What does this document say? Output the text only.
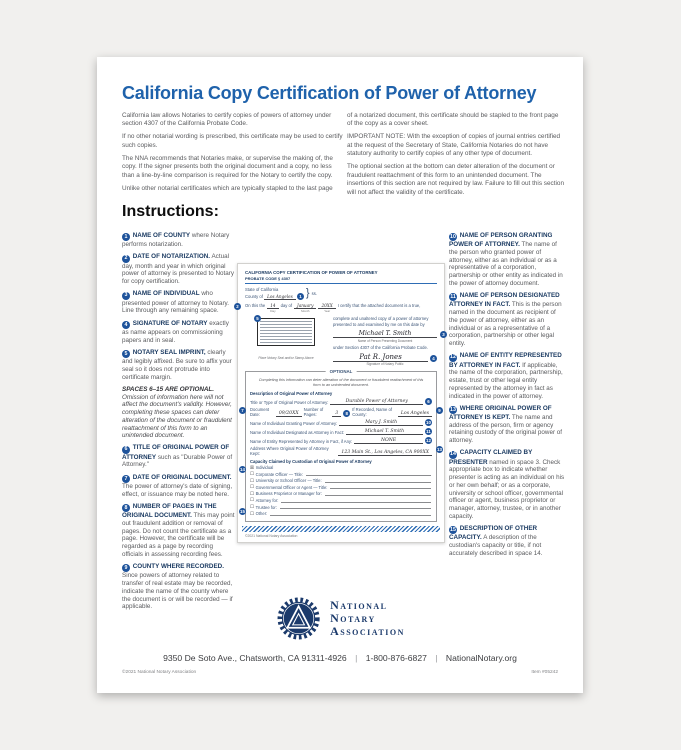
California Copy Certification of Power of Attorney

California law allows Notaries to certify copies of powers of attorney under section 4307 of the California Probate Code.

If no other notarial wording is prescribed, this certificate may be used to certify such copies.

The NNA recommends that Notaries make, or supervise the making of, the copy. If the signer presents both the original document and a copy, no less than a line-by-line comparison is required for the Notary to certify the copy.

Unlike other notarial certificates which are typically stapled to the last page

of a notarized document, this certificate should be stapled to the front page of the copy as a cover sheet.

IMPORTANT NOTE: With the exception of copies of journal entries certified at the request of the Secretary of State, California Notaries do not have statutory authority to certify copies of any other type of document.

The optional section at the bottom can deter alteration of the document or fraudulent reattachment of this form to an unintended document. The insertions of this section are not required by law. Failure to fill out this section will not affect the validity of the certificate.

Instructions:
1 NAME OF COUNTY where Notary performs notarization.
2 DATE OF NOTARIZATION. Actual day, month and year in which original power of attorney is presented to Notary for copy certification.
3 NAME OF INDIVIDUAL who presented power of attorney to Notary. Line through any remaining space.
4 SIGNATURE OF NOTARY exactly as name appears on commissioning papers and in seal.
5 NOTARY SEAL IMPRINT, clearly and legibly affixed. Be sure to affix your seal so it does not protrude into certificate margin.
SPACES 6–15 ARE OPTIONAL. Omission of information here will not affect the document's validity. However, completing these spaces can deter alteration of the document or fraudulent reattachment of this form to an unintended document.
6 TITLE OF ORIGINAL POWER OF ATTORNEY such as "Durable Power of Attorney."
7 DATE OF ORIGINAL DOCUMENT. The power of attorney's date of signing, effect, or issuance may be noted here.
8 NUMBER OF PAGES IN THE ORIGINAL DOCUMENT. This may point out fraudulent addition or removal of pages. Do not count the certificate as a page. However, the certificate will be regarded as a page by recording officials in assessing recording fees.
9 COUNTY WHERE RECORDED. Since powers of attorney related to transfer of real estate may be recorded, indicate the name of the county where the document is or will be recorded — if applicable.
10 NAME OF PERSON GRANTING POWER OF ATTORNEY. The name of the person who granted power of attorney, either as an individual or as a representative of a corporation, partnership or other entity as indicated in the power of attorney document.
11 NAME OF PERSON DESIGNATED ATTORNEY IN FACT. This is the person named in the document as recipient of the power of attorney, either as an individual or as a representative of a corporation, partnership or other legal entity.
12 NAME OF ENTITY REPRESENTED BY ATTORNEY IN FACT. If applicable, the name of the corporation, partnership, estate, trust or other legal entity represented by the attorney in fact as indicated in the power of attorney.
13 WHERE ORIGINAL POWER OF ATTORNEY IS KEPT. The name and address of the person, firm or agency retaining custody of the original power of attorney.
14 CAPACITY CLAIMED BY PRESENTER named in space 3. Check appropriate box to indicate whether presenter is acting as an individual on his or her own behalf; or as a corporate, university or school officer, governmental officer or agent, business proprietor or manager, attorney, trustee, or in another capacity.
15 DESCRIPTION OF OTHER CAPACITY. A description of the custodian's capacity or title, if not accurately described in space 14.
CALIFORNIA COPY CERTIFICATION OF POWER OF ATTORNEY
PROBATE CODE § 4307
State of California
County of Los Angeles 1 } ss.
2	On this the	14
Day
day of	January
Month
20XX
Year
I certify that the attached document is a true,
5
Place Notary Seal and/or Stamp Above
complete and unaltered copy of a power of attorney presented to and examined by me on this date by
Michael T. Smith	3
Name of Person Presenting Document
under Section 4307 of the California Probate Code.
Pat R. Jones	4
Signature of Notary Public
OPTIONAL
Completing this information can deter alteration of the document or fraudulent reattachment of this form to an unintended document.
Description of Original Power of Attorney
Title or Type of Original Power of Attorney:	Durable Power of Attorney	6
7	Document Date:	09/20XX
Number of Pages:	3	8
If Recorded, Name of County:	Los Angeles
9
Name of Individual Granting Power of Attorney:	Mary J. Smith	10
Name of Individual Designated as Attorney in Fact:	Michael T. Smith	11
Name of Entity Represented by Attorney in Fact, if Any:	NONE	12
Address Where Original Power of Attorney Kept:	123 Main St., Los Angeles, CA 900XX
13
Capacity Claimed by Custodian of Original Power of Attorney
14
15
☒ Individual
☐ Corporate Officer — Title:
☐ University or School Officer — Title:
☐ Governmental Officer or Agent — Title:
☐ Business Proprietor or Manager for:
☐ Attorney for:
☐ Trustee for:
☐ Other:
©2021 National Notary Association
National
Notary
Association
9350 De Soto Ave., Chatsworth, CA 91311-4926 | 1-800-876-6827 | NationalNotary.org
©2021 National Notary Association	Item #05242
